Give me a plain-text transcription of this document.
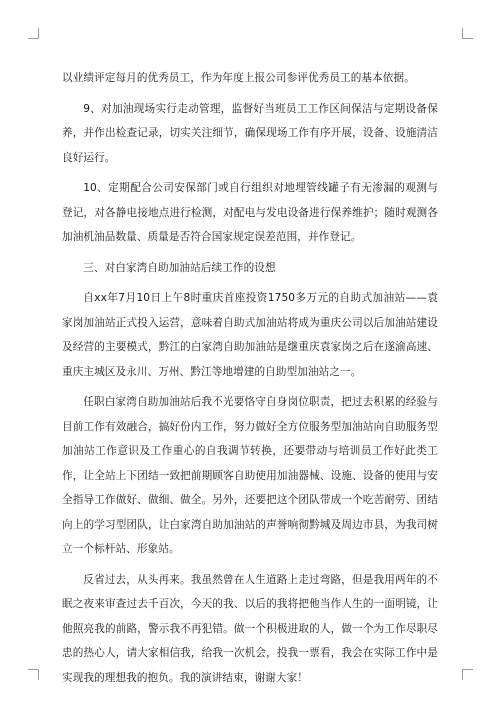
以业绩评定每月的优秀员工，作为年度上报公司参评优秀员工的基本依据。

9、对加油现场实行走动管理，监督好当班员工工作区间保洁与定期设备保养，并作出检查记录，切实关注细节，确保现场工作有序开展，设备、设施清洁良好运行。

10、定期配合公司安保部门或自行组织对地埋管线罐子有无渗漏的观测与登记，对各静电接地点进行检测，对配电与发电设备进行保养维护；随时观测各加油机油品数量、质量是否符合国家规定误差范围，并作登记。

三、对白家湾自助加油站后续工作的设想

自xx年7月10日上午8时重庆首座投资1750多万元的自助式加油站——袁家岗加油站正式投入运营，意味着自助式加油站将成为重庆公司以后加油站建设及经营的主要模式，黔江的白家湾自助加油站是继重庆袁家岗之后在遂渝高速、重庆主城区及永川、万州、黔江等地增建的自助型加油站之一。

任职白家湾自助加油站后我不光要恪守自身岗位职责，把过去积累的经验与目前工作有效融合，搞好份内工作，努力做好全方位服务型加油站向自助服务型加油站工作意识及工作重心的自我调节转换，还要带动与培训员工作好此类工作，让全站上下团结一致把前期顾客自助使用加油器械、设施、设备的使用与安全指导工作做好、做细、做全。另外，还要把这个团队带成一个吃苦耐劳、团结向上的学习型团队，让白家湾自助加油站的声誉响彻黔城及周边市县，为我司树立一个标杆站、形象站。

反省过去，从头再来。我虽然曾在人生道路上走过弯路，但是我用两年的不眠之夜来审查过去千百次，今天的我、以后的我将把他当作人生的一面明镜，让他照亮我的前路，警示我不再犯错。做一个积极进取的人，做一个为工作尽职尽忠的热心人，请大家相信我，给我一次机会，投我一票看，我会在实际工作中是实现我的理想我的抱负。我的演讲结束，谢谢大家！
